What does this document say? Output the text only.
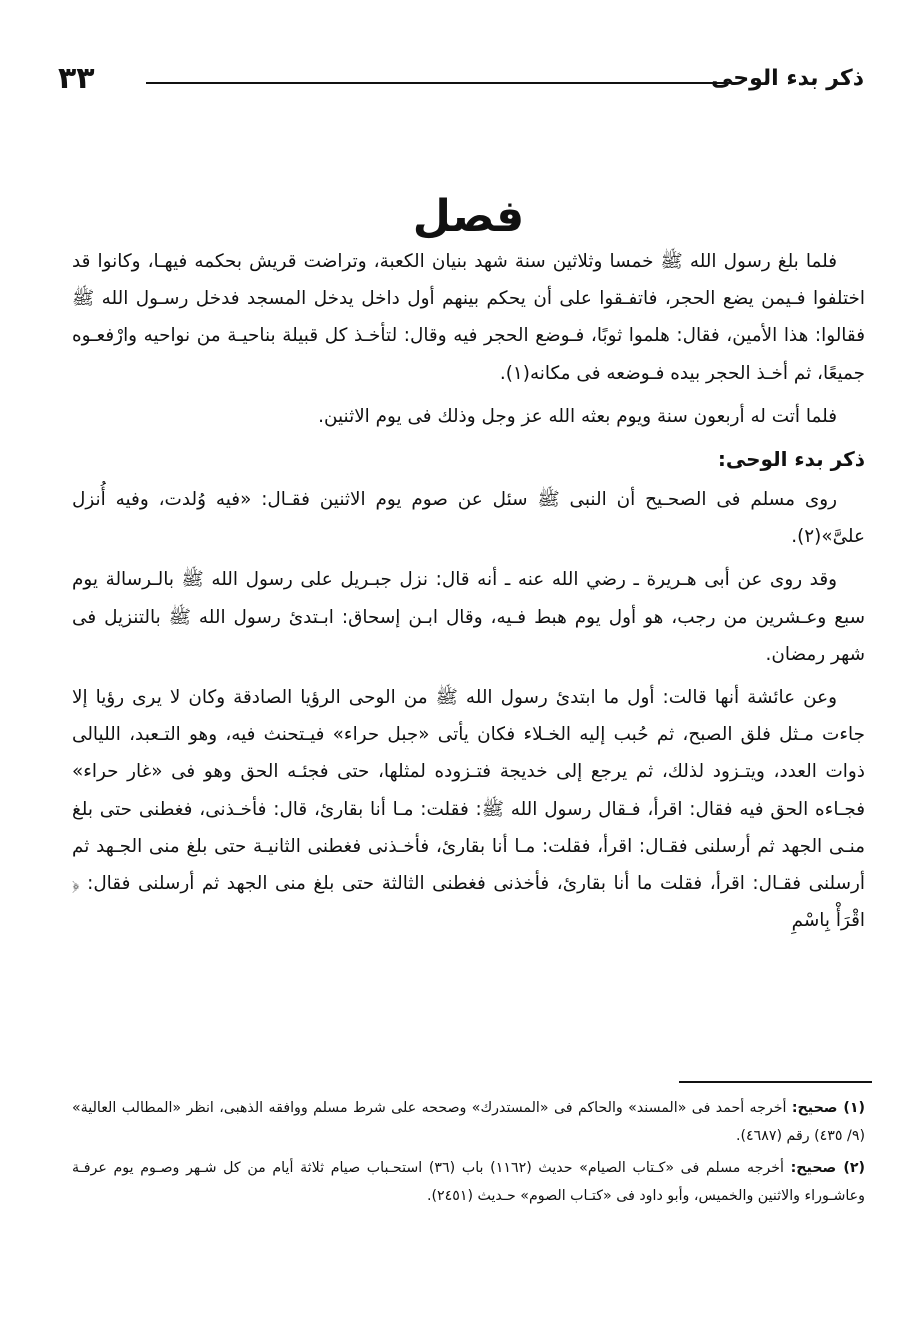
ذكر بدء الوحى
٣٣
فصل

فلما بلغ رسول الله ﷺ خمسا وثلاثين سنة شهد بنيان الكعبة، وتراضت قريش بحكمه فيهـا، وكانوا قد اختلفوا فـيمن يضع الحجر، فاتفـقوا على أن يحكم بينهم أول داخل يدخل المسجد فدخل رسـول الله ﷺ فقالوا: هذا الأمين، فقال: هلموا ثوبًا، فـوضع الحجر فيه وقال: لتأخـذ كل قبيلة بناحيـة من نواحيه وارْفعـوه جميعًا، ثم أخـذ الحجر بيده فـوضعه فى مكانه(١).

فلما أتت له أربعون سنة ويوم بعثه الله عز وجل وذلك فى يوم الاثنين.

ذكر بدء الوحى:

روى مسلم فى الصحـيح أن النبى ﷺ سئل عن صوم يوم الاثنين فقـال: «فيه وُلدت، وفيه أُنزل علىَّ»(٢).

وقد روى عن أبى هـريرة ـ رضي الله عنه ـ أنه قال: نزل جبـريل على رسول الله ﷺ بالـرسالة يوم سبع وعـشرين من رجب، هو أول يوم هبط فـيه، وقال ابـن إسحاق: ابـتدئ رسول الله ﷺ بالتنزيل فى شهر رمضان.

وعن عائشة أنها قالت: أول ما ابتدئ رسول الله ﷺ من الوحى الرؤيا الصادقة وكان لا يرى رؤيا إلا جاءت مـثل فلق الصبح، ثم حُبب إليه الخـلاء فكان يأتى «جبل حراء» فيـتحنث فيه، وهو التـعبد، الليالى ذوات العدد، ويتـزود لذلك، ثم يرجع إلى خديجة فتـزوده لمثلها، حتى فجئـه الحق وهو فى «غار حراء» فجـاءه الحق فيه فقال: اقرأ، فـقال رسول الله ﷺ: فقلت: مـا أنا بقارئ، قال: فأخـذنى، فغطنى حتى بلغ منـى الجهد ثم أرسلنى فقـال: اقرأ، فقلت: مـا أنا بقارئ، فأخـذنى فغطنى الثانيـة حتى بلغ منى الجـهد ثم أرسلنى فقـال: اقرأ، فقلت ما أنا بقارئ، فأخذنى فغطنى الثالثة حتى بلغ منى الجهد ثم أرسلنى فقال: ﴿ اقْرَأْ بِاسْمِ

(١) صحيح: أخرجه أحمد فى «المسند» والحاكم فى «المستدرك» وصححه على شرط مسلم ووافقه الذهبى، انظر «المطالب العالية» (٩/ ٤٣٥) رقم (٤٦٨٧).

(٢) صحيح: أخرجه مسلم فى «كـتاب الصيام» حديث (١١٦٢) باب (٣٦) استحـباب صيام ثلاثة أيام من كل شـهر وصـوم يوم عرفـة وعاشـوراء والاثنين والخميس، وأبو داود فى «كتـاب الصوم» حـديث (٢٤٥١).
